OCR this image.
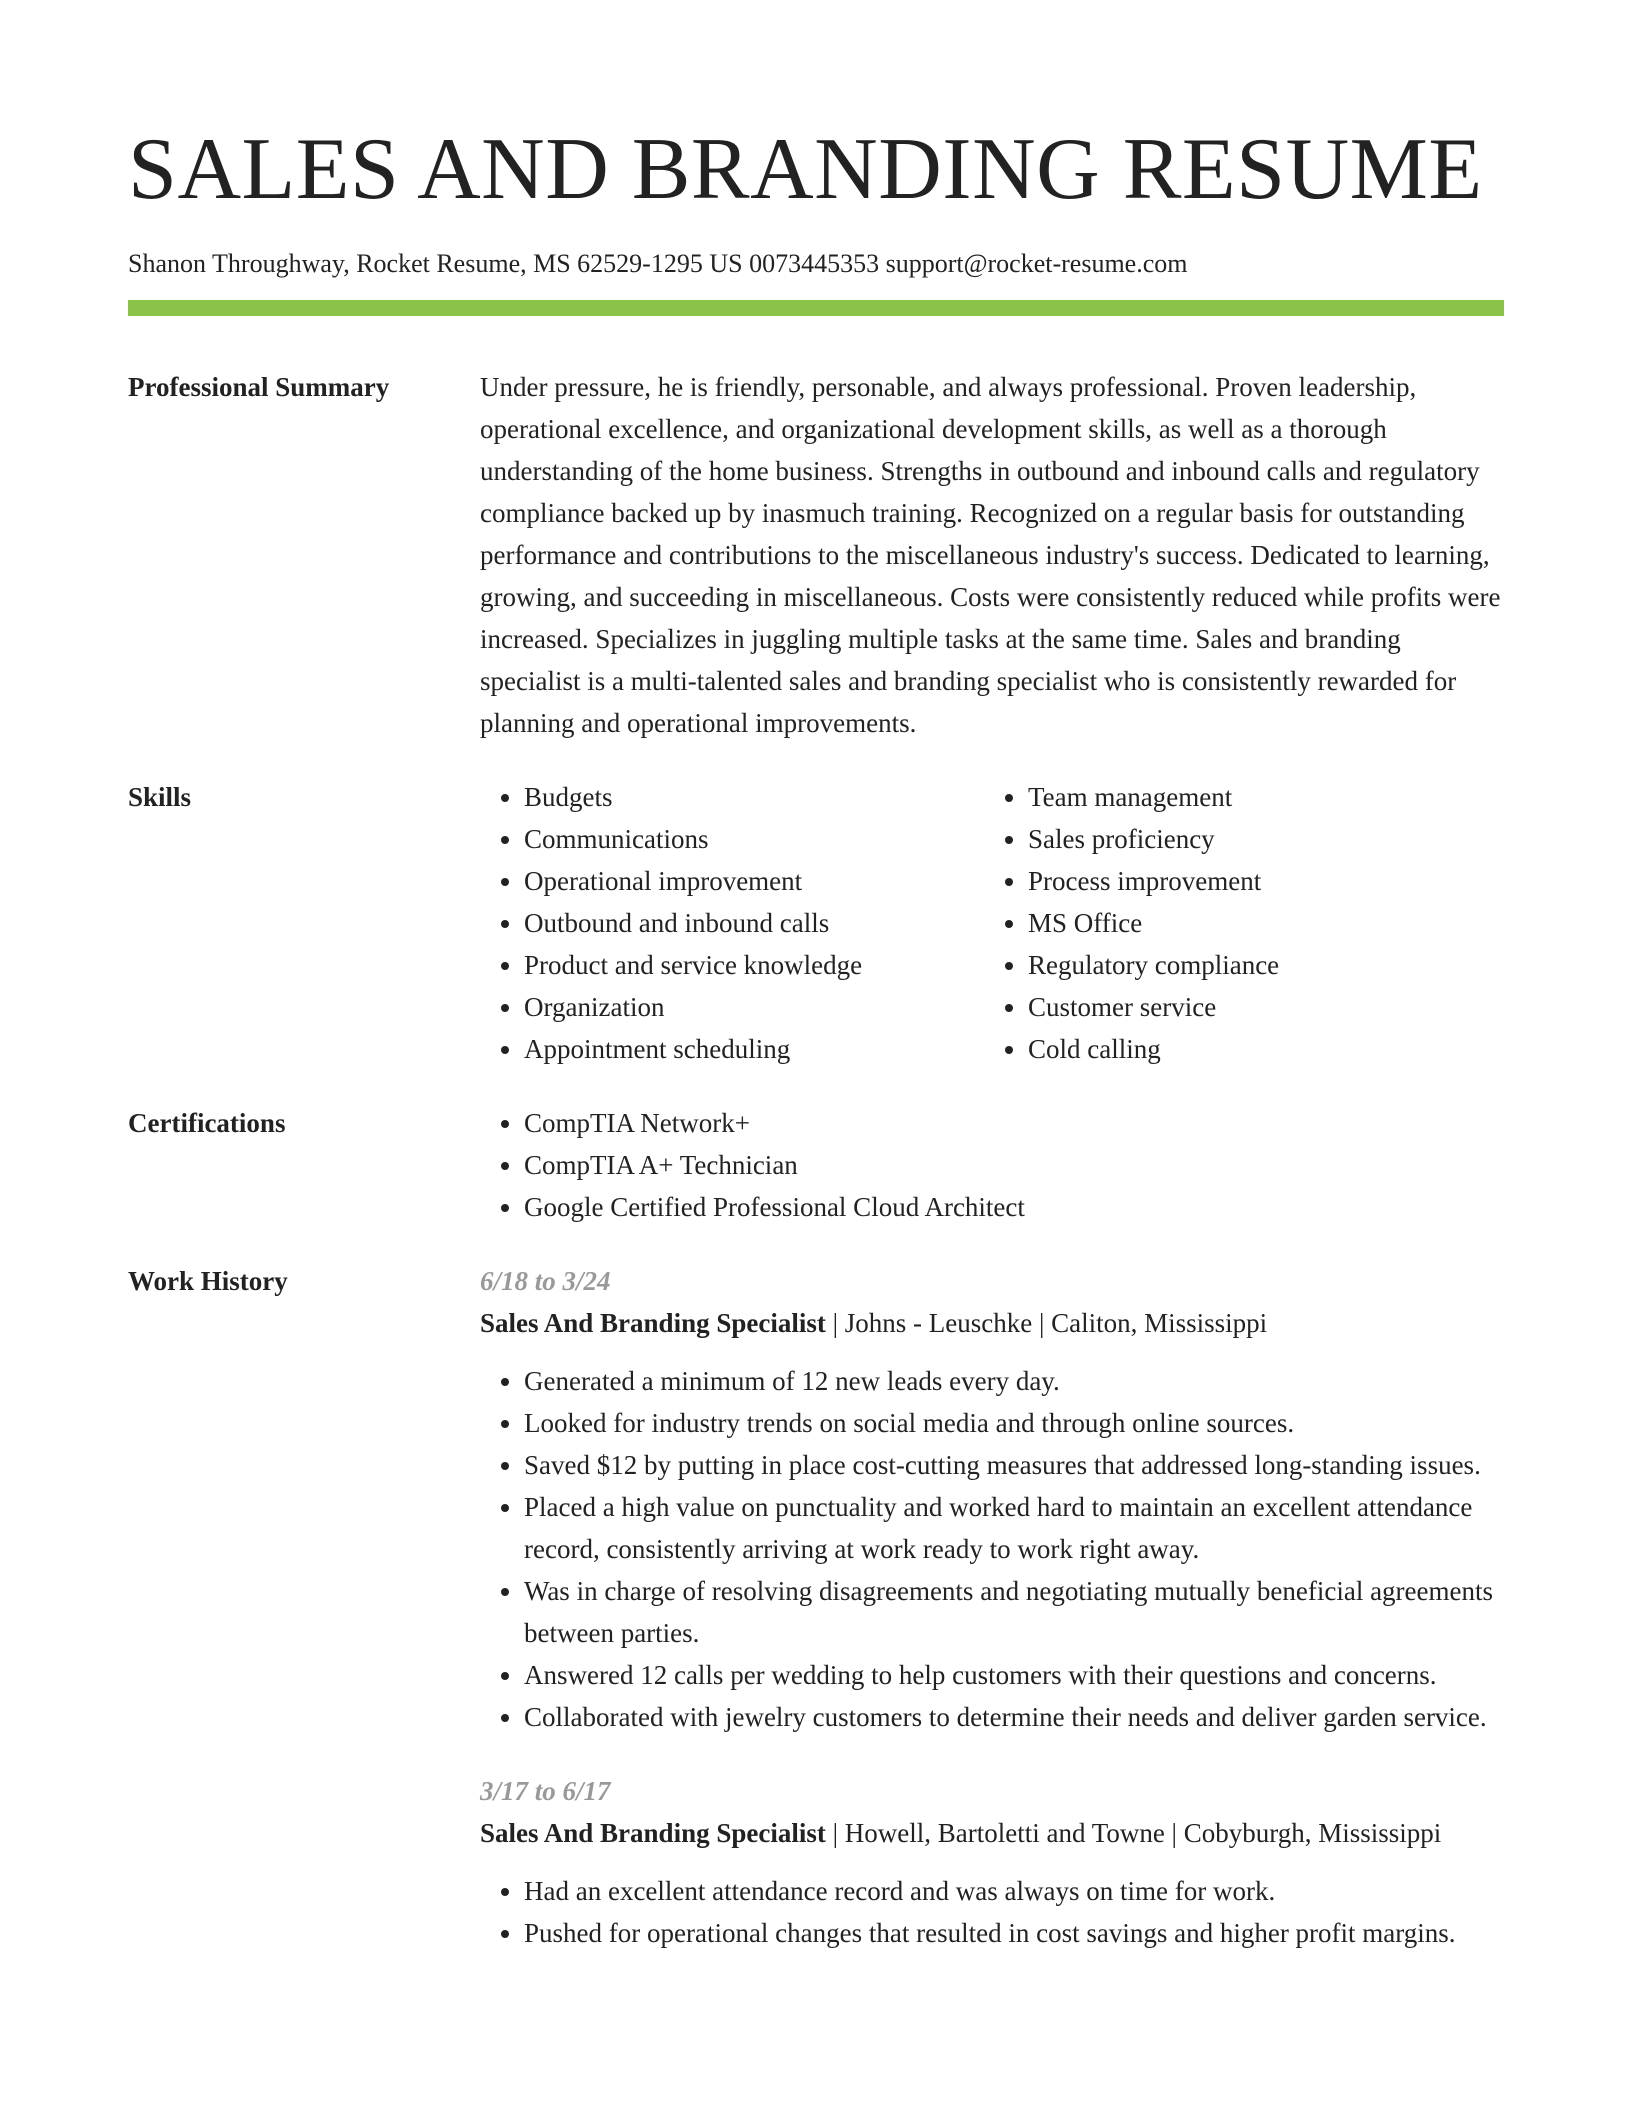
SALES AND BRANDING RESUME
Shanon Throughway, Rocket Resume, MS 62529-1295 US 0073445353 support@rocket-resume.com
Professional Summary	Under pressure, he is friendly, personable, and always professional. Proven leadership, operational excellence, and organizational development skills, as well as a thorough understanding of the home business. Strengths in outbound and inbound calls and regulatory compliance backed up by inasmuch training. Recognized on a regular basis for outstanding performance and contributions to the miscellaneous industry's success. Dedicated to learning, growing, and succeeding in miscellaneous. Costs were consistently reduced while profits were increased. Specializes in juggling multiple tasks at the same time. Sales and branding specialist is a multi-talented sales and branding specialist who is consistently rewarded for planning and operational improvements.

Skills	• Budgets
• Communications
• Operational improvement
• Outbound and inbound calls
• Product and service knowledge
• Organization
• Appointment scheduling
• Team management
• Sales proficiency
• Process improvement
• MS Office
• Regulatory compliance
• Customer service
• Cold calling
Certifications	• CompTIA Network+
• CompTIA A+ Technician
• Google Certified Professional Cloud Architect
Work History	6/18 to 3/24
Sales And Branding Specialist | Johns - Leuschke | Caliton, Mississippi
• Generated a minimum of 12 new leads every day.
• Looked for industry trends on social media and through online sources.
• Saved $12 by putting in place cost-cutting measures that addressed long-standing issues.
• Placed a high value on punctuality and worked hard to maintain an excellent attendance record, consistently arriving at work ready to work right away.
• Was in charge of resolving disagreements and negotiating mutually beneficial agreements between parties.
• Answered 12 calls per wedding to help customers with their questions and concerns.
• Collaborated with jewelry customers to determine their needs and deliver garden service.
3/17 to 6/17
Sales And Branding Specialist | Howell, Bartoletti and Towne | Cobyburgh, Mississippi
• Had an excellent attendance record and was always on time for work.
• Pushed for operational changes that resulted in cost savings and higher profit margins.
